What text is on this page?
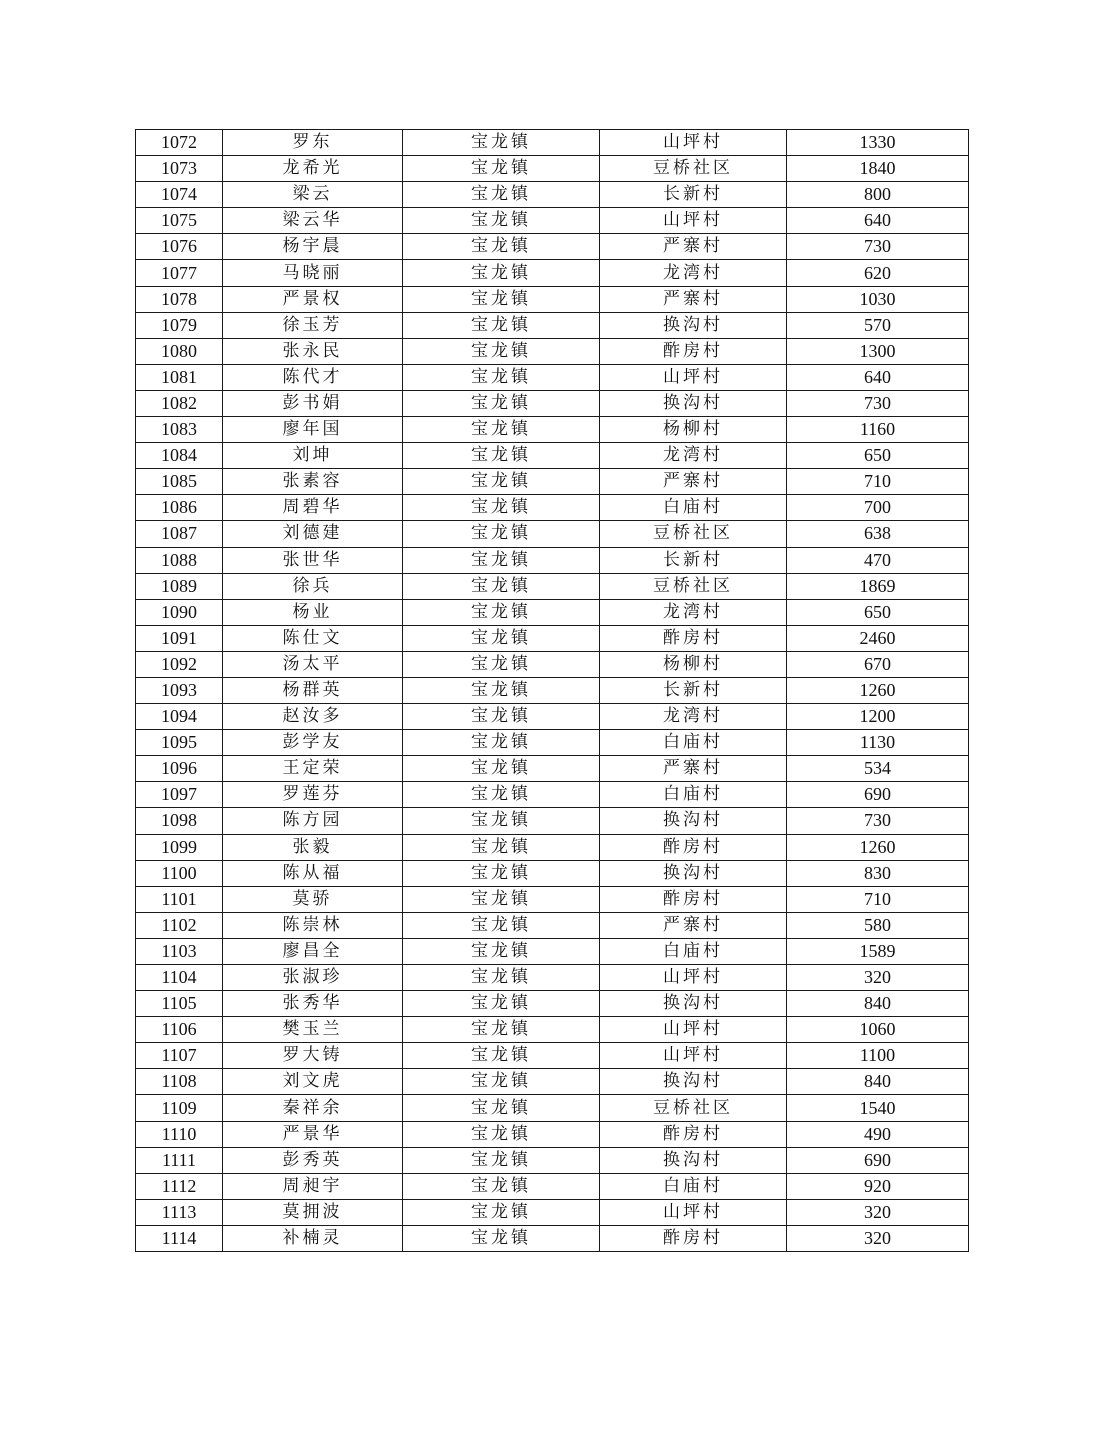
1072	罗东	宝龙镇	山坪村	1330
1073	龙希光	宝龙镇	豆桥社区	1840
1074	梁云	宝龙镇	长新村	800
1075	梁云华	宝龙镇	山坪村	640
1076	杨宇晨	宝龙镇	严寨村	730
1077	马晓丽	宝龙镇	龙湾村	620
1078	严景权	宝龙镇	严寨村	1030
1079	徐玉芳	宝龙镇	换沟村	570
1080	张永民	宝龙镇	酢房村	1300
1081	陈代才	宝龙镇	山坪村	640
1082	彭书娟	宝龙镇	换沟村	730
1083	廖年国	宝龙镇	杨柳村	1160
1084	刘坤	宝龙镇	龙湾村	650
1085	张素容	宝龙镇	严寨村	710
1086	周碧华	宝龙镇	白庙村	700
1087	刘德建	宝龙镇	豆桥社区	638
1088	张世华	宝龙镇	长新村	470
1089	徐兵	宝龙镇	豆桥社区	1869
1090	杨业	宝龙镇	龙湾村	650
1091	陈仕文	宝龙镇	酢房村	2460
1092	汤太平	宝龙镇	杨柳村	670
1093	杨群英	宝龙镇	长新村	1260
1094	赵汝多	宝龙镇	龙湾村	1200
1095	彭学友	宝龙镇	白庙村	1130
1096	王定荣	宝龙镇	严寨村	534
1097	罗莲芬	宝龙镇	白庙村	690
1098	陈方园	宝龙镇	换沟村	730
1099	张毅	宝龙镇	酢房村	1260
1100	陈从福	宝龙镇	换沟村	830
1101	莫骄	宝龙镇	酢房村	710
1102	陈崇林	宝龙镇	严寨村	580
1103	廖昌全	宝龙镇	白庙村	1589
1104	张淑珍	宝龙镇	山坪村	320
1105	张秀华	宝龙镇	换沟村	840
1106	樊玉兰	宝龙镇	山坪村	1060
1107	罗大铸	宝龙镇	山坪村	1100
1108	刘文虎	宝龙镇	换沟村	840
1109	秦祥余	宝龙镇	豆桥社区	1540
1110	严景华	宝龙镇	酢房村	490
1111	彭秀英	宝龙镇	换沟村	690
1112	周昶宇	宝龙镇	白庙村	920
1113	莫拥波	宝龙镇	山坪村	320
1114	补楠灵	宝龙镇	酢房村	320
